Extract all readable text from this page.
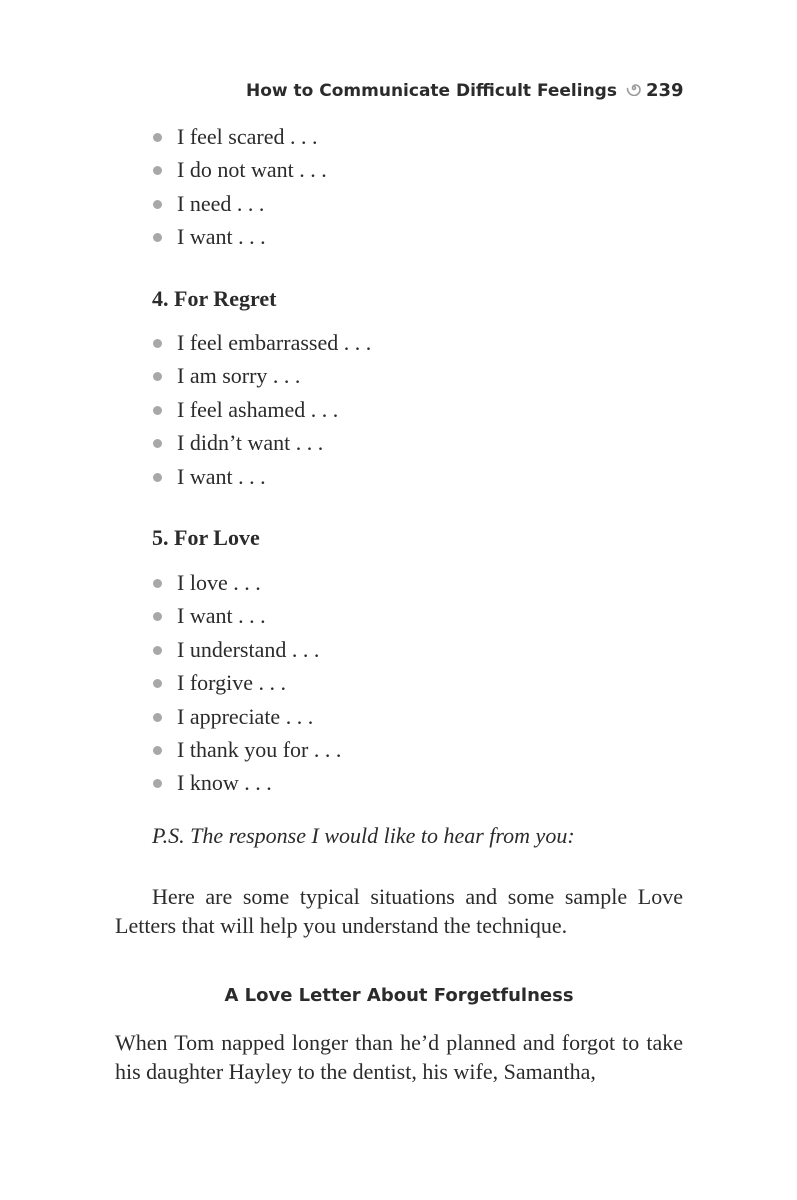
How to Communicate Difficult Feelings 239
I feel scared . . .
I do not want . . .
I need . . .
I want . . .
4. For Regret
I feel embarrassed . . .
I am sorry . . .
I feel ashamed . . .
I didn’t want . . .
I want . . .
5. For Love
I love . . .
I want . . .
I understand . . .
I forgive . . .
I appreciate . . .
I thank you for . . .
I know . . .
P.S. The response I would like to hear from you:

Here are some typical situations and some sample Love Letters that will help you understand the technique.

A Love Letter About Forgetfulness

When Tom napped longer than he’d planned and forgot to take his daughter Hayley to the dentist, his wife, Samantha,
